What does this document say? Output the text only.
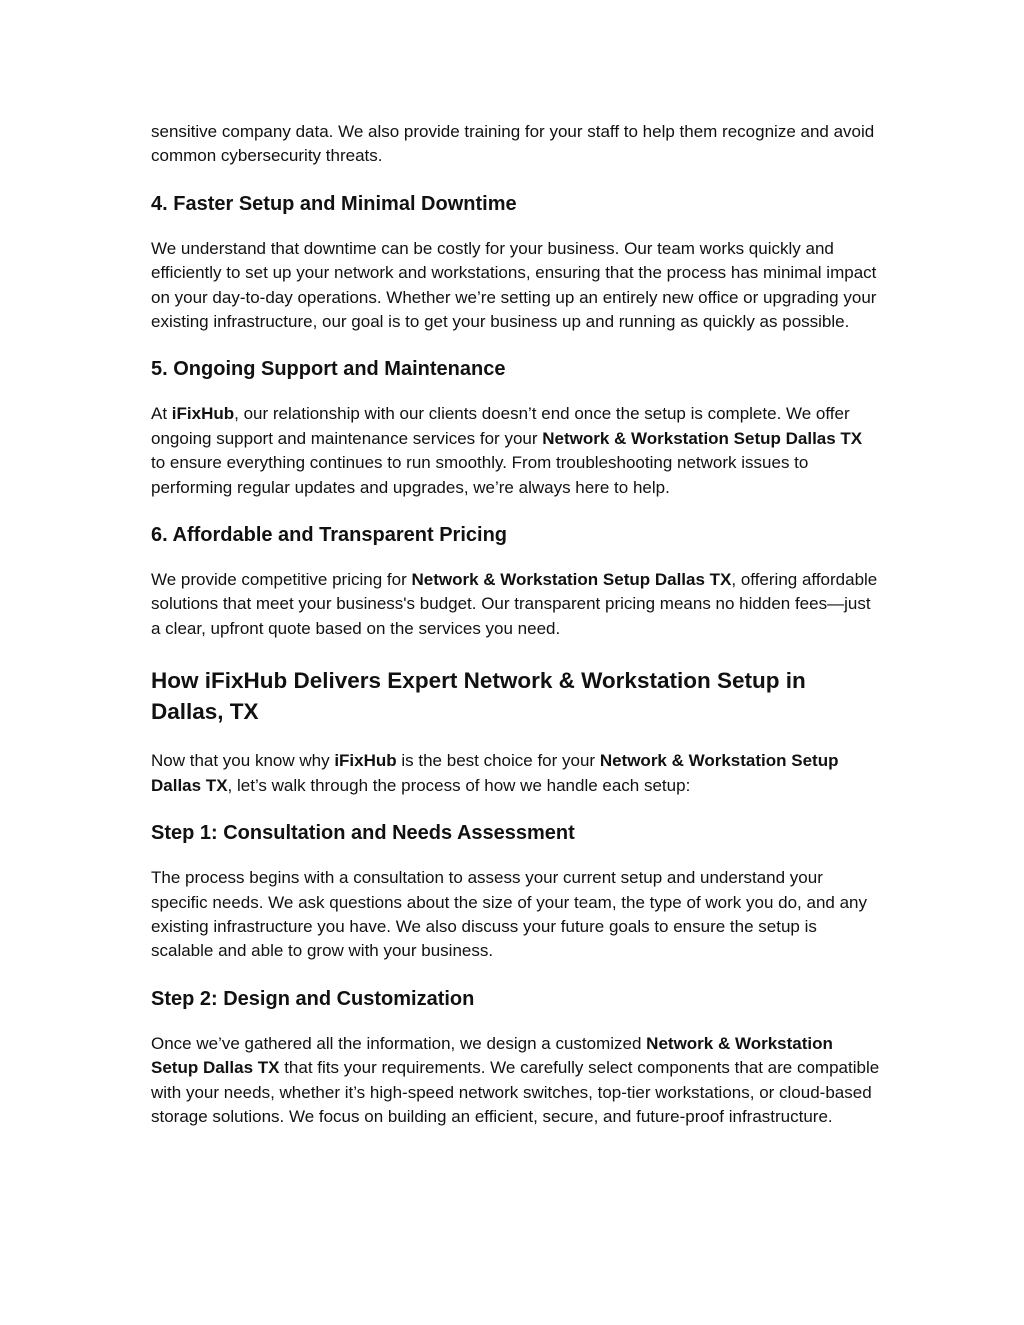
sensitive company data. We also provide training for your staff to help them recognize and avoid common cybersecurity threats.

4. Faster Setup and Minimal Downtime

We understand that downtime can be costly for your business. Our team works quickly and efficiently to set up your network and workstations, ensuring that the process has minimal impact on your day-to-day operations. Whether we’re setting up an entirely new office or upgrading your existing infrastructure, our goal is to get your business up and running as quickly as possible.

5. Ongoing Support and Maintenance

At iFixHub, our relationship with our clients doesn’t end once the setup is complete. We offer ongoing support and maintenance services for your Network & Workstation Setup Dallas TX to ensure everything continues to run smoothly. From troubleshooting network issues to performing regular updates and upgrades, we’re always here to help.

6. Affordable and Transparent Pricing

We provide competitive pricing for Network & Workstation Setup Dallas TX, offering affordable solutions that meet your business's budget. Our transparent pricing means no hidden fees—just a clear, upfront quote based on the services you need.

How iFixHub Delivers Expert Network & Workstation Setup in Dallas, TX

Now that you know why iFixHub is the best choice for your Network & Workstation Setup Dallas TX, let’s walk through the process of how we handle each setup:

Step 1: Consultation and Needs Assessment

The process begins with a consultation to assess your current setup and understand your specific needs. We ask questions about the size of your team, the type of work you do, and any existing infrastructure you have. We also discuss your future goals to ensure the setup is scalable and able to grow with your business.

Step 2: Design and Customization

Once we’ve gathered all the information, we design a customized Network & Workstation Setup Dallas TX that fits your requirements. We carefully select components that are compatible with your needs, whether it’s high-speed network switches, top-tier workstations, or cloud-based storage solutions. We focus on building an efficient, secure, and future-proof infrastructure.
